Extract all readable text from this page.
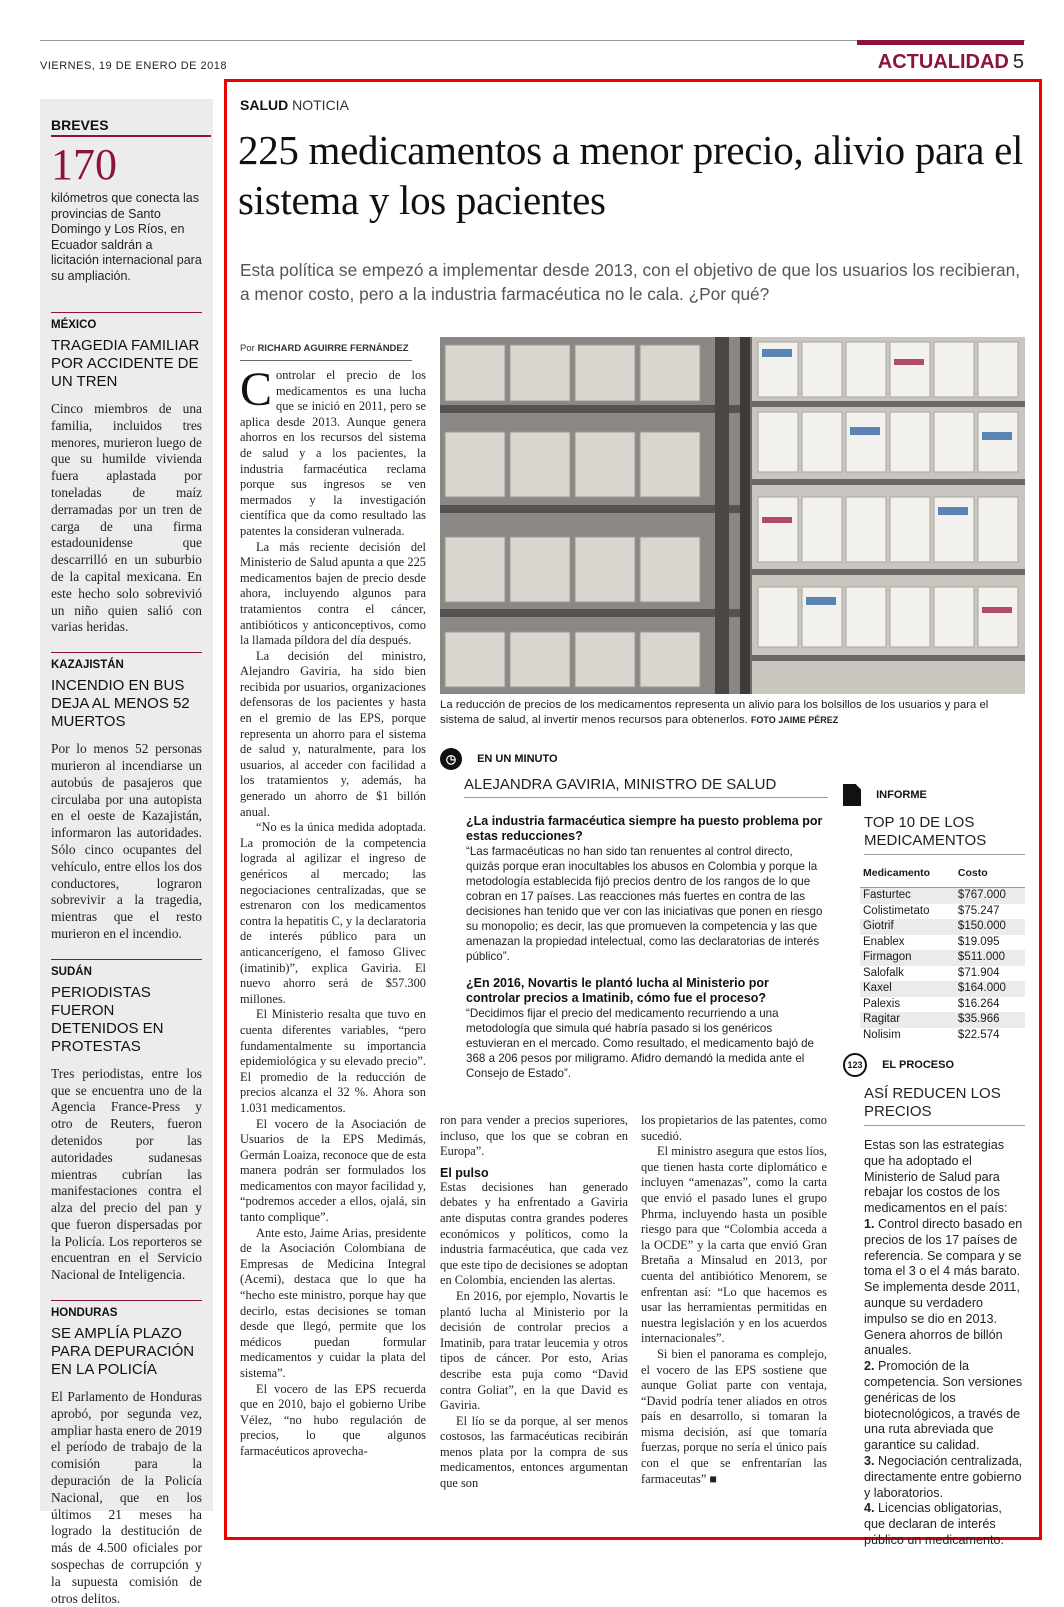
VIERNES, 19 DE ENERO DE 2018	ACTUALIDAD 5
BREVES
170
kilómetros que conecta las provincias de Santo Domingo y Los Ríos, en Ecuador saldrán a licitación internacional para su ampliación.
MÉXICO
TRAGEDIA FAMILIAR POR ACCIDENTE DE UN TREN
Cinco miembros de una familia, incluidos tres menores, murieron luego de que su humilde vivienda fuera aplastada por toneladas de maíz derramadas por un tren de carga de una firma estadounidense que descarrilló en un suburbio de la capital mexicana. En este hecho solo sobrevivió un niño quien salió con varias heridas.
KAZAJISTÁN
INCENDIO EN BUS DEJA AL MENOS 52 MUERTOS
Por lo menos 52 personas murieron al incendiarse un autobús de pasajeros que circulaba por una autopista en el oeste de Kazajistán, informaron las autoridades. Sólo cinco ocupantes del vehículo, entre ellos los dos conductores, lograron sobrevivir a la tragedia, mientras que el resto murieron en el incendio.
SUDÁN
PERIODISTAS FUERON DETENIDOS EN PROTESTAS
Tres periodistas, entre los que se encuentra uno de la Agencia France-Press y otro de Reuters, fueron detenidos por las autoridades sudanesas mientras cubrían las manifestaciones contra el alza del precio del pan y que fueron dispersadas por la Policía. Los reporteros se encuentran en el Servicio Nacional de Inteligencia.
HONDURAS
SE AMPLÍA PLAZO PARA DEPURACIÓN EN LA POLICÍA
El Parlamento de Honduras aprobó, por segunda vez, ampliar hasta enero de 2019 el período de trabajo de la comisión para la depuración de la Policía Nacional, que en los últimos 21 meses ha logrado la destitución de más de 4.500 oficiales por sospechas de corrupción y la supuesta comisión de otros delitos.
SALUD NOTICIA
225 medicamentos a menor precio, alivio para el sistema y los pacientes
Esta política se empezó a implementar desde 2013, con el objetivo de que los usuarios los recibieran, a menor costo, pero a la industria farmacéutica no le cala. ¿Por qué?
Por RICHARD AGUIRRE FERNÁNDEZ

Controlar el precio de los medicamentos es una lucha que se inició en 2011, pero se aplica desde 2013. Aunque genera ahorros en los recursos del sistema de salud y a los pacientes, la industria farmacéutica reclama porque sus ingresos se ven mermados y la investigación científica que da como resultado las patentes la consideran vulnerada.

La más reciente decisión del Ministerio de Salud apunta a que 225 medicamentos bajen de precio desde ahora, incluyendo algunos para tratamientos contra el cáncer, antibióticos y anticonceptivos, como la llamada píldora del día después.

La decisión del ministro, Alejandro Gaviria, ha sido bien recibida por usuarios, organizaciones defensoras de los pacientes y hasta en el gremio de las EPS, porque representa un ahorro para el sistema de salud y, naturalmente, para los usuarios, al acceder con facilidad a los tratamientos y, además, ha generado un ahorro de $1 billón anual.

“No es la única medida adoptada. La promoción de la competencia lograda al agilizar el ingreso de genéricos al mercado; las negociaciones centralizadas, que se estrenaron con los medicamentos contra la hepatitis C, y la declaratoria de interés público para un anticancerígeno, el famoso Glivec (imatinib)”, explica Gaviria. El nuevo ahorro será de $57.300 millones.

El Ministerio resalta que tuvo en cuenta diferentes variables, “pero fundamentalmente su importancia epidemiológica y su elevado precio”. El promedio de la reducción de precios alcanza el 32 %. Ahora son 1.031 medicamentos.

El vocero de la Asociación de Usuarios de la EPS Medimás, Germán Loaiza, reconoce que de esta manera podrán ser formulados los medicamentos con mayor facilidad y, “podremos acceder a ellos, ojalá, sin tanto complique”.

Ante esto, Jaime Arias, presidente de la Asociación Colombiana de Empresas de Medicina Integral (Acemi), destaca que lo que ha “hecho este ministro, porque hay que decirlo, estas decisiones se toman desde que llegó, permite que los médicos puedan formular medicamentos y cuidar la plata del sistema”.

El vocero de las EPS recuerda que en 2010, bajo el gobierno Uribe Vélez, “no hubo regulación de precios, lo que algunos farmacéuticos aprovecha-

La reducción de precios de los medicamentos representa un alivio para los bolsillos de los usuarios y para el sistema de salud, al invertir menos recursos para obtenerlos. FOTO JAIME PÉREZ
◷ EN UN MINUTO
ALEJANDRA GAVIRIA, MINISTRO DE SALUD
¿La industria farmacéutica siempre ha puesto problema por estas reducciones?
“Las farmacéuticas no han sido tan renuentes al control directo, quizás porque eran inocultables los abusos en Colombia y porque la metodología establecida fijó precios dentro de los rangos de lo que cobran en 17 países. Las reacciones más fuertes en contra de las decisiones han tenido que ver con las iniciativas que ponen en riesgo su monopolio; es decir, las que promueven la competencia y las que amenazan la propiedad intelectual, como las declaratorias de interés público”.
¿En 2016, Novartis le plantó lucha al Ministerio por controlar precios a Imatinib, cómo fue el proceso?
“Decidimos fijar el precio del medicamento recurriendo a una metodología que simula qué habría pasado si los genéricos estuvieran en el mercado. Como resultado, el medicamento bajó de 368 a 206 pesos por miligramo. Afidro demandó la medida ante el Consejo de Estado”.
INFORME
TOP 10 DE LOS MEDICAMENTOS
Medicamento	Costo
Fasturtec	$767.000
Colistimetato	$75.247
Giotrif	$150.000
Enablex	$19.095
Firmagon	$511.000
Salofalk	$71.904
Kaxel	$164.000
Palexis	$16.264
Ragitar	$35.966
Nolisim	$22.574
123 EL PROCESO
ASÍ REDUCEN LOS PRECIOS
Estas son las estrategias que ha adoptado el Ministerio de Salud para rebajar los costos de los medicamentos en el país:
1. Control directo basado en precios de los 17 países de referencia. Se compara y se toma el 3 o el 4 más barato. Se implementa desde 2011, aunque su verdadero impulso se dio en 2013. Genera ahorros de billón anuales.
2. Promoción de la competencia. Son versiones genéricas de los biotecnológicos, a través de una ruta abreviada que garantice su calidad.
3. Negociación centralizada, directamente entre gobierno y laboratorios.
4. Licencias obligatorias, que declaran de interés público un medicamento.

ron para vender a precios superiores, incluso, que los que se cobran en Europa”.

El pulso

Estas decisiones han generado debates y ha enfrentado a Gaviria ante disputas contra grandes poderes económicos y políticos, como la industria farmacéutica, que cada vez que este tipo de decisiones se adoptan en Colombia, encienden las alertas.

En 2016, por ejemplo, Novartis le plantó lucha al Ministerio por la decisión de controlar precios a Imatinib, para tratar leucemia y otros tipos de cáncer. Por esto, Arias describe esta puja como “David contra Goliat”, en la que David es Gaviria.

El lío se da porque, al ser menos costosos, las farmacéuticas recibirán menos plata por la compra de sus medicamentos, entonces argumentan que son

los propietarios de las patentes, como sucedió.

El ministro asegura que estos líos, que tienen hasta corte diplomático e incluyen “amenazas”, como la carta que envió el pasado lunes el grupo Phrma, incluyendo hasta un posible riesgo para que “Colombia acceda a la OCDE” y la carta que envió Gran Bretaña a Minsalud en 2013, por cuenta del antibiótico Menorem, se enfrentan así: “Lo que hacemos es usar las herramientas permitidas en nuestra legislación y en los acuerdos internacionales”.

Si bien el panorama es complejo, el vocero de las EPS sostiene que aunque Goliat parte con ventaja, “David podría tener aliados en otros país en desarrollo, si tomaran la misma decisión, así que tomaría fuerzas, porque no sería el único país con el que se enfrentarían las farmaceutas” ■
